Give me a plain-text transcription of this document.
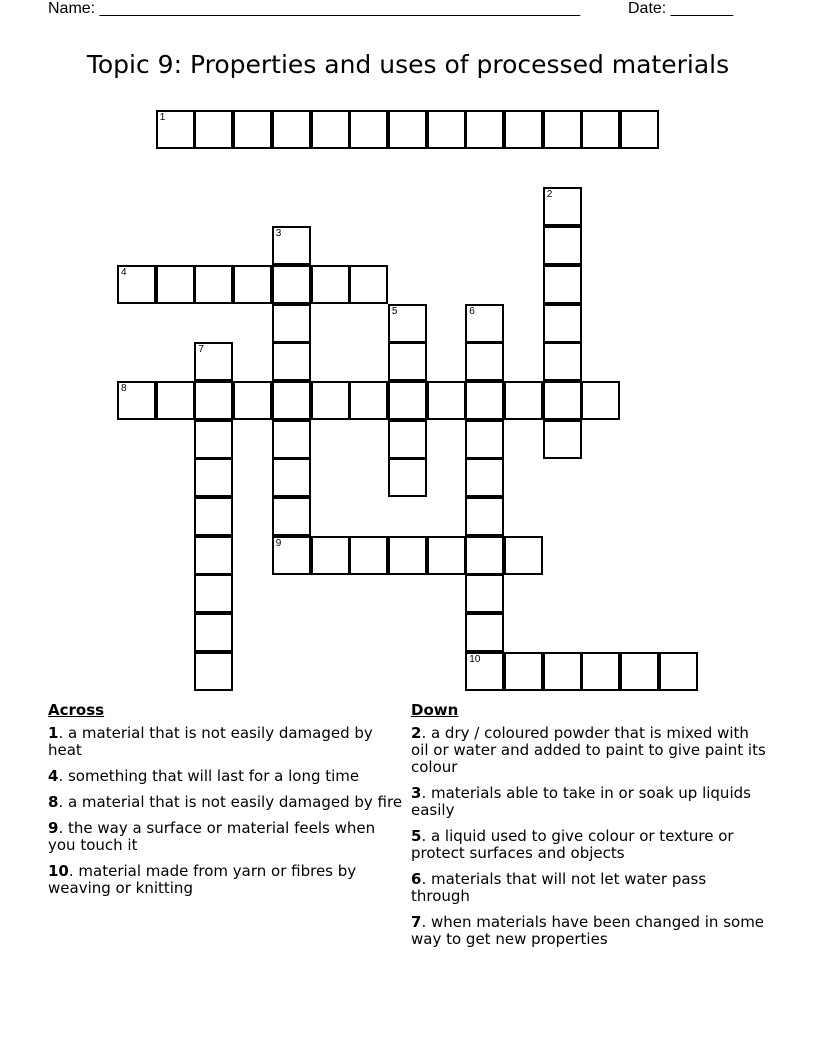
Name: ______________________________________________________	Date: _______
Topic 9: Properties and uses of processed materials
1
2
3
4
5	6
10
7
8
9
Across
1. a material that is not easily damaged by heat
4. something that will last for a long time
8. a material that is not easily damaged by fire
9. the way a surface or material feels when you touch it
10. material made from yarn or fibres by weaving or knitting
Down
2. a dry / coloured powder that is mixed with oil or water and added to paint to give paint its colour
3. materials able to take in or soak up liquids easily
5. a liquid used to give colour or texture or protect surfaces and objects
6. materials that will not let water pass through
7. when materials have been changed in some way to get new properties
